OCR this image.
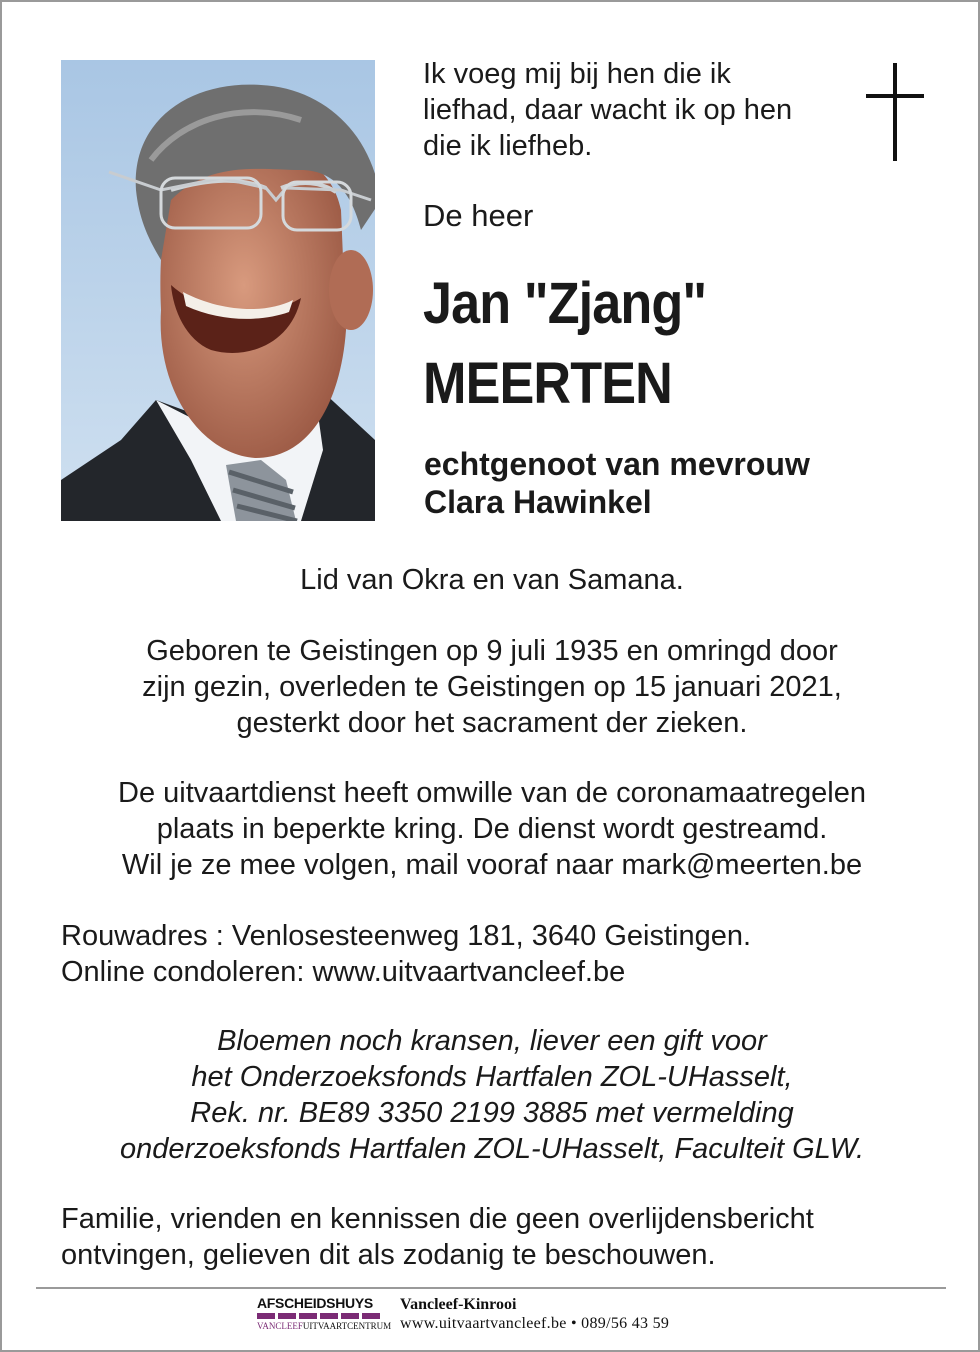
Ik voeg mij bij hen die ik
liefhad, daar wacht ik op hen
die ik liefheb.
De heer
Jan "Zjang"
MEERTEN
echtgenoot van mevrouw
Clara Hawinkel
Lid van Okra en van Samana.
Geboren te Geistingen op 9 juli 1935 en omringd door
zijn gezin, overleden te Geistingen op 15 januari 2021,
gesterkt door het sacrament der zieken.
De uitvaartdienst heeft omwille van de coronamaatregelen
plaats in beperkte kring. De dienst wordt gestreamd.
Wil je ze mee volgen, mail vooraf naar mark@meerten.be
Rouwadres : Venlosesteenweg 181, 3640 Geistingen.
Online condoleren: www.uitvaartvancleef.be
Bloemen noch kransen, liever een gift voor
het Onderzoeksfonds Hartfalen ZOL-UHasselt,
Rek. nr. BE89 3350 2199 3885 met vermelding
onderzoeksfonds Hartfalen ZOL-UHasselt, Faculteit GLW.
Familie, vrienden en kennissen die geen overlijdensbericht
ontvingen, gelieven dit als zodanig te beschouwen.
AFSCHEIDSHUYS
VANCLEEF UITVAARTCENTRUM
Vancleef-Kinrooi
www.uitvaartvancleef.be • 089/56 43 59
